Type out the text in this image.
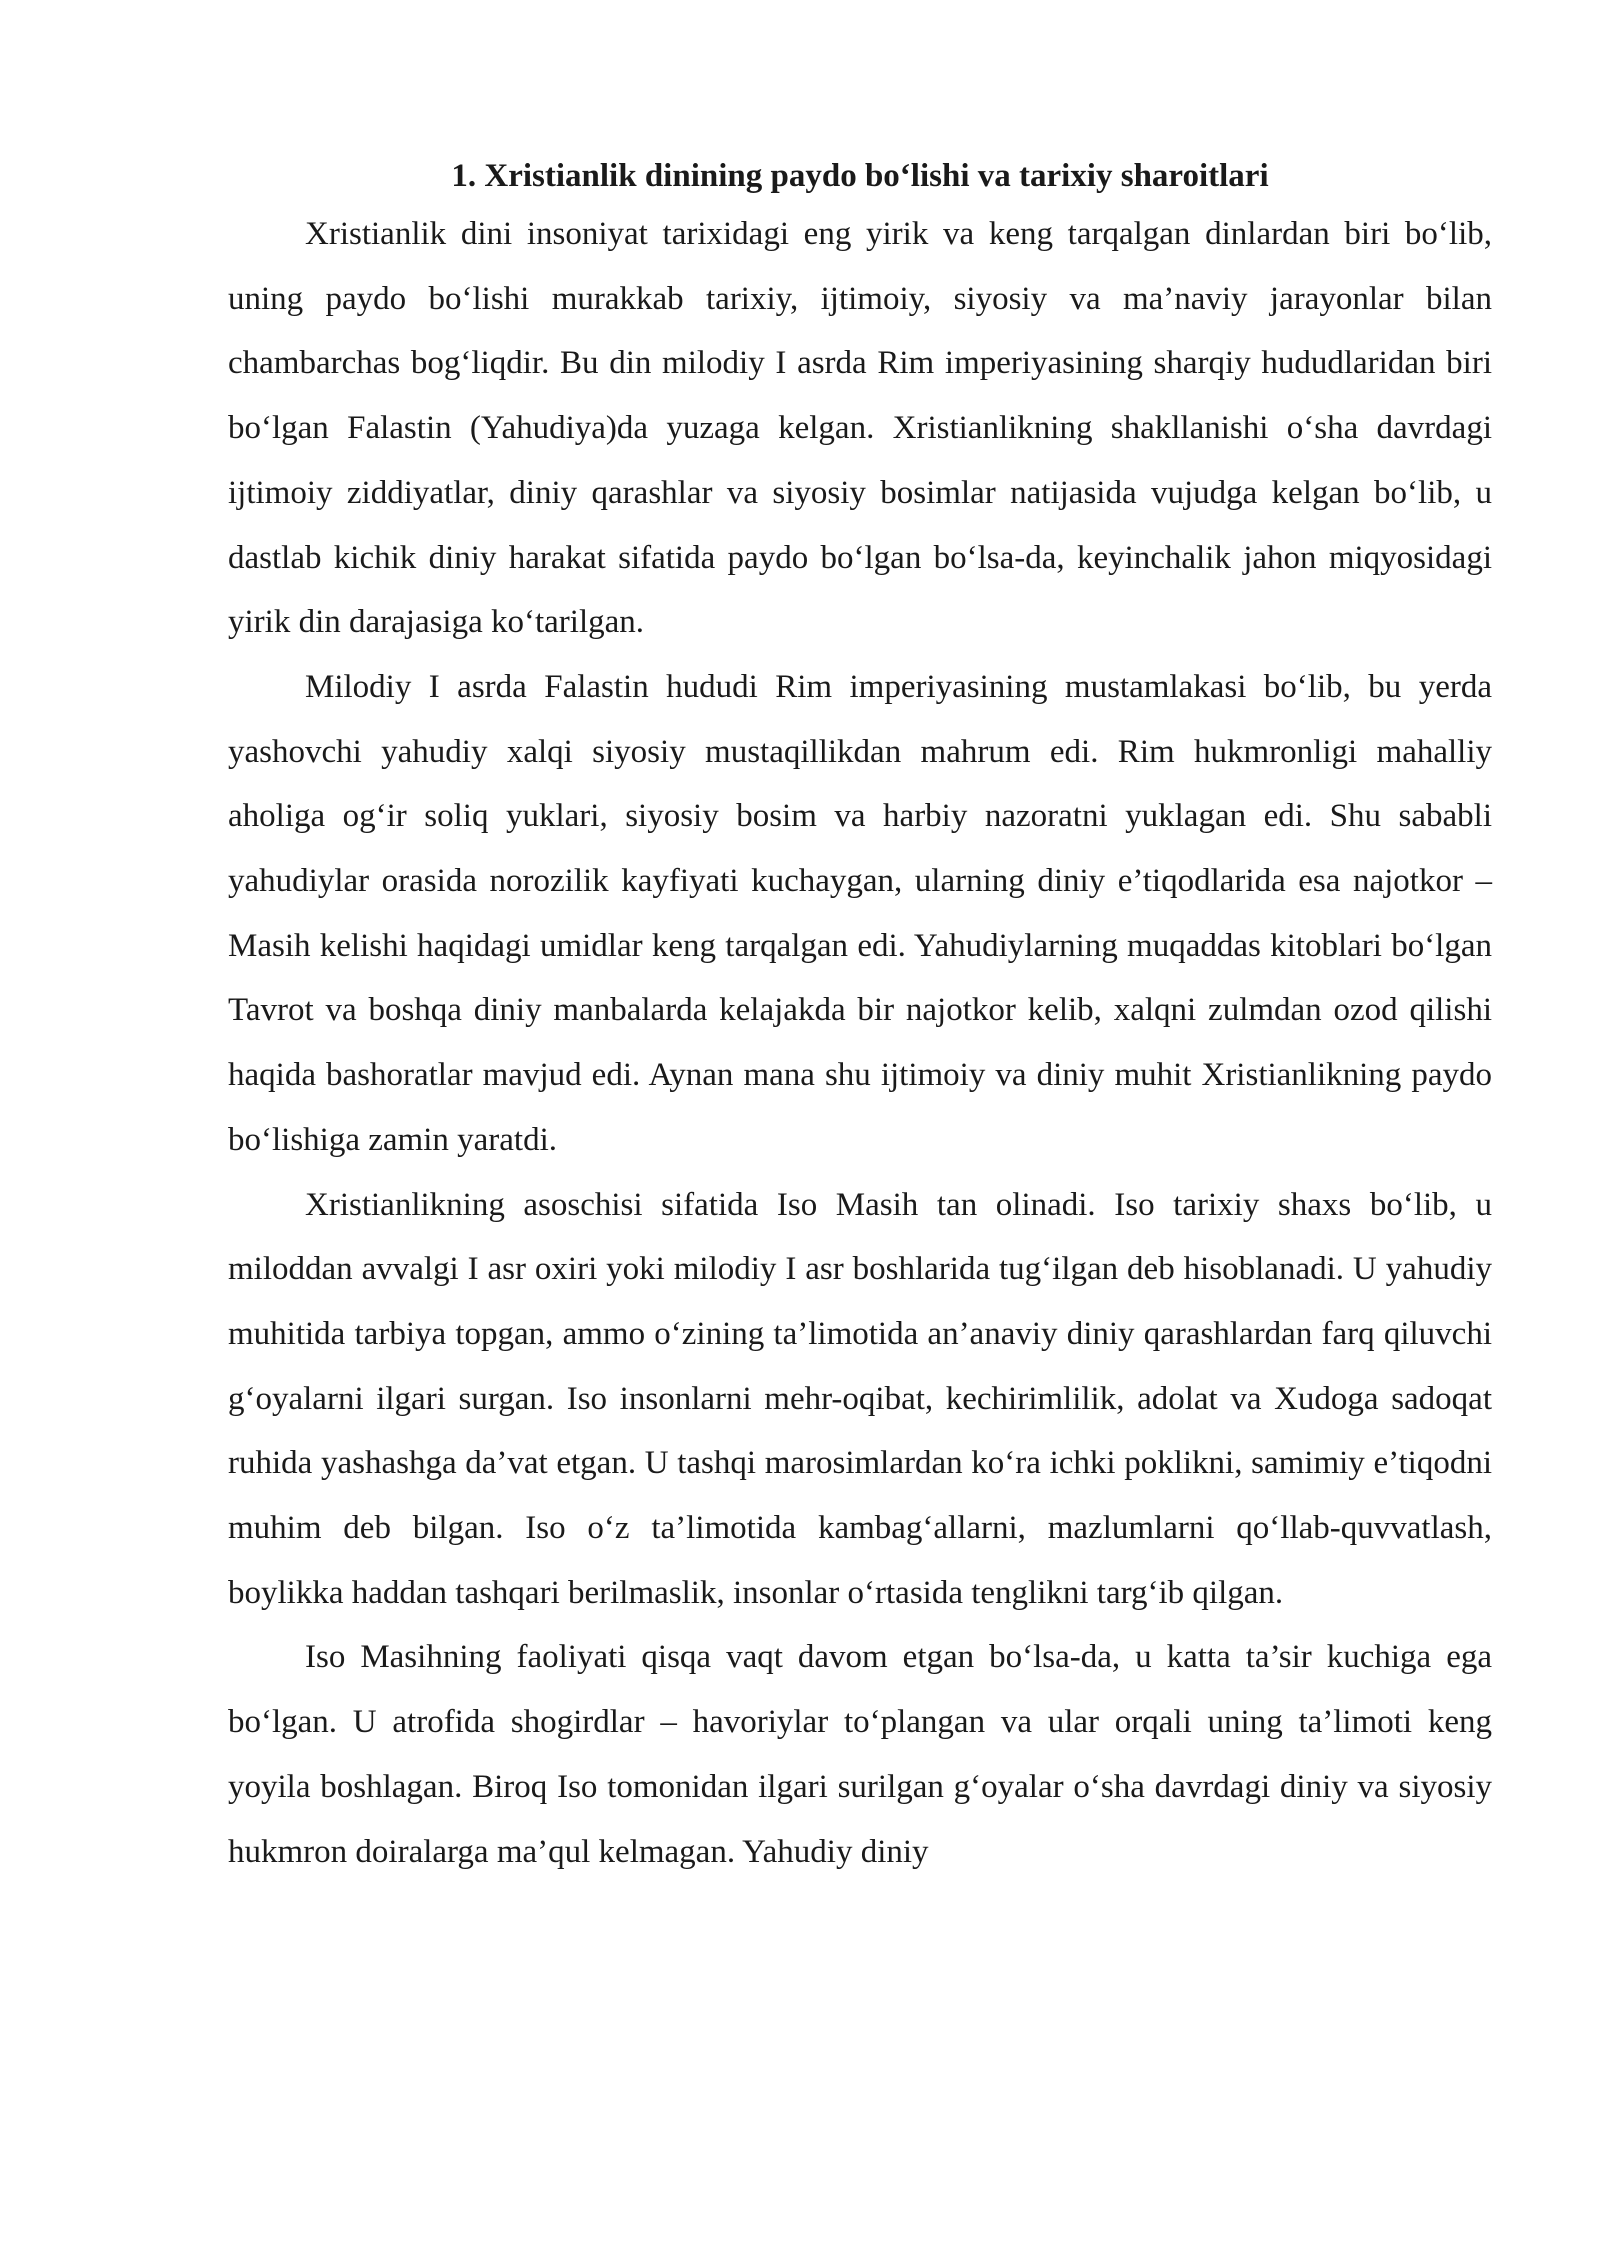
1. Xristianlik dinining paydo bo‘lishi va tarixiy sharoitlari

Xristianlik dini insoniyat tarixidagi eng yirik va keng tarqalgan dinlardan biri bo‘lib, uning paydo bo‘lishi murakkab tarixiy, ijtimoiy, siyosiy va ma’naviy jarayonlar bilan chambarchas bog‘liqdir. Bu din milodiy I asrda Rim imperiyasining sharqiy hududlaridan biri bo‘lgan Falastin (Yahudiya)da yuzaga kelgan. Xristianlikning shakllanishi o‘sha davrdagi ijtimoiy ziddiyatlar, diniy qarashlar va siyosiy bosimlar natijasida vujudga kelgan bo‘lib, u dastlab kichik diniy harakat sifatida paydo bo‘lgan bo‘lsa-da, keyinchalik jahon miqyosidagi yirik din darajasiga ko‘tarilgan.

Milodiy I asrda Falastin hududi Rim imperiyasining mustamlakasi bo‘lib, bu yerda yashovchi yahudiy xalqi siyosiy mustaqillikdan mahrum edi. Rim hukmronligi mahalliy aholiga og‘ir soliq yuklari, siyosiy bosim va harbiy nazoratni yuklagan edi. Shu sababli yahudiylar orasida norozilik kayfiyati kuchaygan, ularning diniy e’tiqodlarida esa najotkor – Masih kelishi haqidagi umidlar keng tarqalgan edi. Yahudiylarning muqaddas kitoblari bo‘lgan Tavrot va boshqa diniy manbalarda kelajakda bir najotkor kelib, xalqni zulmdan ozod qilishi haqida bashoratlar mavjud edi. Aynan mana shu ijtimoiy va diniy muhit Xristianlikning paydo bo‘lishiga zamin yaratdi.

Xristianlikning asoschisi sifatida Iso Masih tan olinadi. Iso tarixiy shaxs bo‘lib, u miloddan avvalgi I asr oxiri yoki milodiy I asr boshlarida tug‘ilgan deb hisoblanadi. U yahudiy muhitida tarbiya topgan, ammo o‘zining ta’limotida an’anaviy diniy qarashlardan farq qiluvchi g‘oyalarni ilgari surgan. Iso insonlarni mehr-oqibat, kechirimlilik, adolat va Xudoga sadoqat ruhida yashashga da’vat etgan. U tashqi marosimlardan ko‘ra ichki poklikni, samimiy e’tiqodni muhim deb bilgan. Iso o‘z ta’limotida kambag‘allarni, mazlumlarni qo‘llab-quvvatlash, boylikka haddan tashqari berilmaslik, insonlar o‘rtasida tenglikni targ‘ib qilgan.

Iso Masihning faoliyati qisqa vaqt davom etgan bo‘lsa-da, u katta ta’sir kuchiga ega bo‘lgan. U atrofida shogirdlar – havoriylar to‘plangan va ular orqali uning ta’limoti keng yoyila boshlagan. Biroq Iso tomonidan ilgari surilgan g‘oyalar o‘sha davrdagi diniy va siyosiy hukmron doiralarga ma’qul kelmagan. Yahudiy diniy
